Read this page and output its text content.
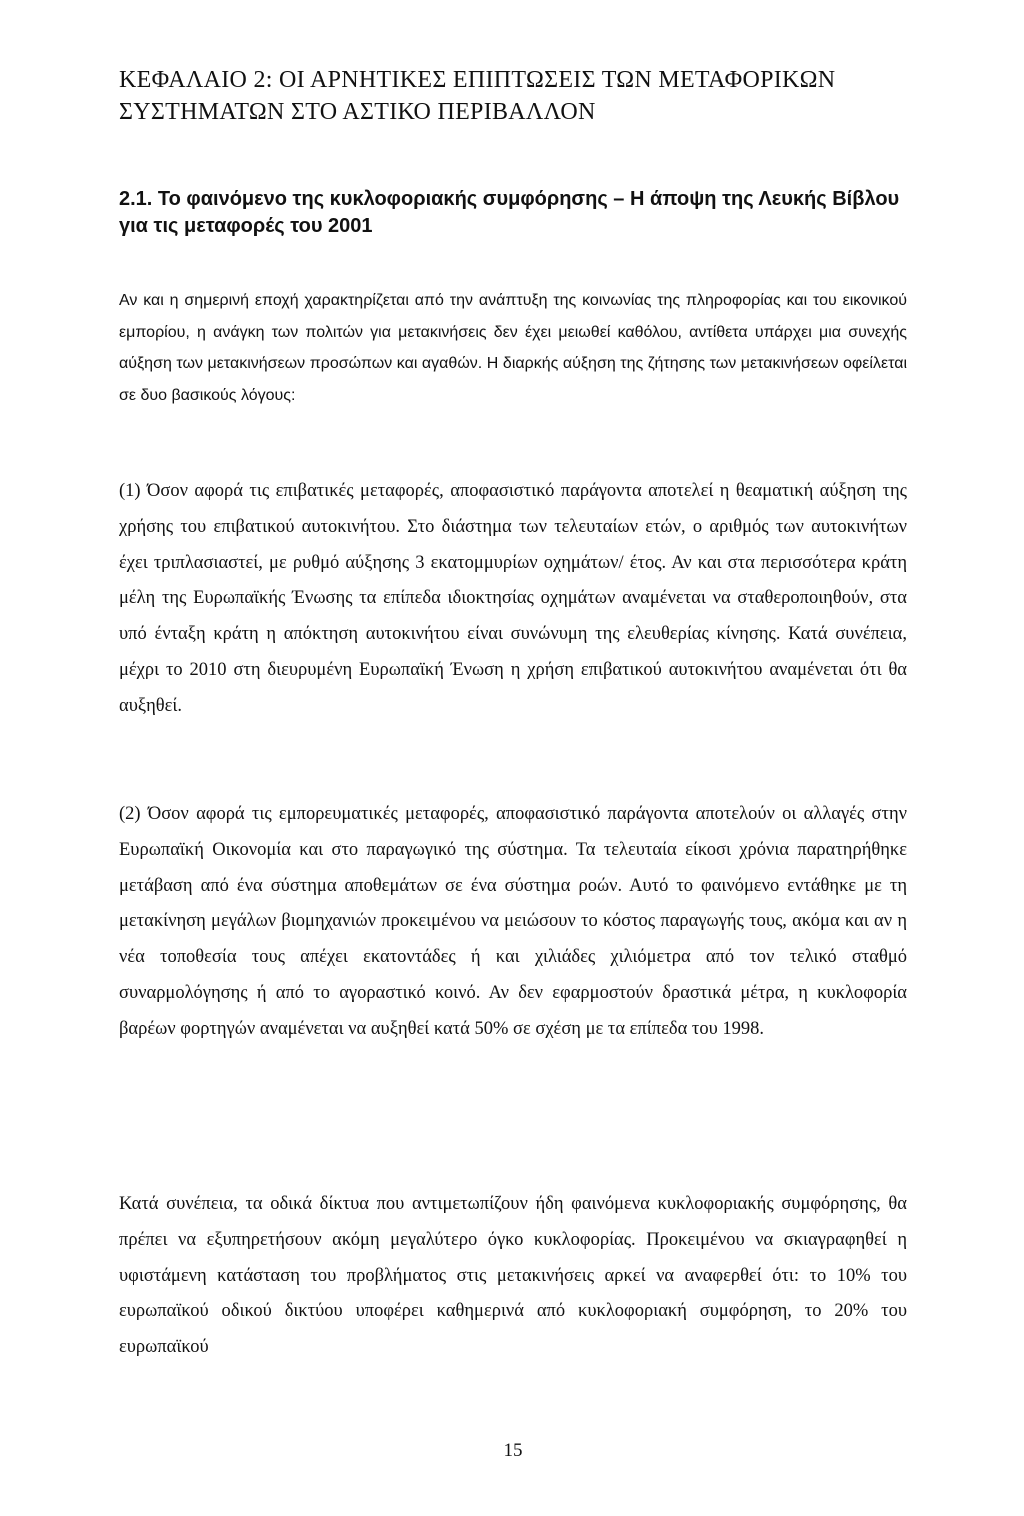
ΚΕΦΑΛΑΙΟ 2: ΟΙ ΑΡΝΗΤΙΚΕΣ ΕΠΙΠΤΩΣΕΙΣ ΤΩΝ ΜΕΤΑΦΟΡΙΚΩΝ ΣΥΣΤΗΜΑΤΩΝ ΣΤΟ ΑΣΤΙΚΟ ΠΕΡΙΒΑΛΛΟΝ
2.1. Το φαινόμενο της κυκλοφοριακής συμφόρησης – Η άποψη της Λευκής Βίβλου για τις μεταφορές του 2001

Αν και η σημερινή εποχή χαρακτηρίζεται από την ανάπτυξη της κοινωνίας της πληροφορίας και του εικονικού εμπορίου, η ανάγκη των πολιτών για μετακινήσεις δεν έχει μειωθεί καθόλου, αντίθετα υπάρχει μια συνεχής αύξηση των μετακινήσεων προσώπων και αγαθών. Η διαρκής αύξηση της ζήτησης των μετακινήσεων οφείλεται σε δυο βασικούς λόγους:

(1) Όσον αφορά τις επιβατικές μεταφορές, αποφασιστικό παράγοντα αποτελεί η θεαματική αύξηση της χρήσης του επιβατικού αυτοκινήτου. Στο διάστημα των τελευταίων ετών, ο αριθμός των αυτοκινήτων έχει τριπλασιαστεί, με ρυθμό αύξησης 3 εκατομμυρίων οχημάτων/ έτος. Αν και στα περισσότερα κράτη μέλη της Ευρωπαϊκής Ένωσης τα επίπεδα ιδιοκτησίας οχημάτων αναμένεται να σταθεροποιηθούν, στα υπό ένταξη κράτη η απόκτηση αυτοκινήτου είναι συνώνυμη της ελευθερίας κίνησης. Κατά συνέπεια, μέχρι το 2010 στη διευρυμένη Ευρωπαϊκή Ένωση η χρήση επιβατικού αυτοκινήτου αναμένεται ότι θα αυξηθεί.

(2) Όσον αφορά τις εμπορευματικές μεταφορές, αποφασιστικό παράγοντα αποτελούν οι αλλαγές στην Ευρωπαϊκή Οικονομία και στο παραγωγικό της σύστημα. Τα τελευταία είκοσι χρόνια παρατηρήθηκε μετάβαση από ένα σύστημα αποθεμάτων σε ένα σύστημα ροών. Αυτό το φαινόμενο εντάθηκε με τη μετακίνηση μεγάλων βιομηχανιών προκειμένου να μειώσουν το κόστος παραγωγής τους, ακόμα και αν η νέα τοποθεσία τους απέχει εκατοντάδες ή και χιλιάδες χιλιόμετρα από τον τελικό σταθμό συναρμολόγησης ή από το αγοραστικό κοινό. Αν δεν εφαρμοστούν δραστικά μέτρα, η κυκλοφορία βαρέων φορτηγών αναμένεται να αυξηθεί κατά 50% σε σχέση με τα επίπεδα του 1998.

Κατά συνέπεια, τα οδικά δίκτυα που αντιμετωπίζουν ήδη φαινόμενα κυκλοφοριακής συμφόρησης, θα πρέπει να εξυπηρετήσουν ακόμη μεγαλύτερο όγκο κυκλοφορίας. Προκειμένου να σκιαγραφηθεί η υφιστάμενη κατάσταση του προβλήματος στις μετακινήσεις αρκεί να αναφερθεί ότι: το 10% του ευρωπαϊκού οδικού δικτύου υποφέρει καθημερινά από κυκλοφοριακή συμφόρηση, το 20% του ευρωπαϊκού

15
